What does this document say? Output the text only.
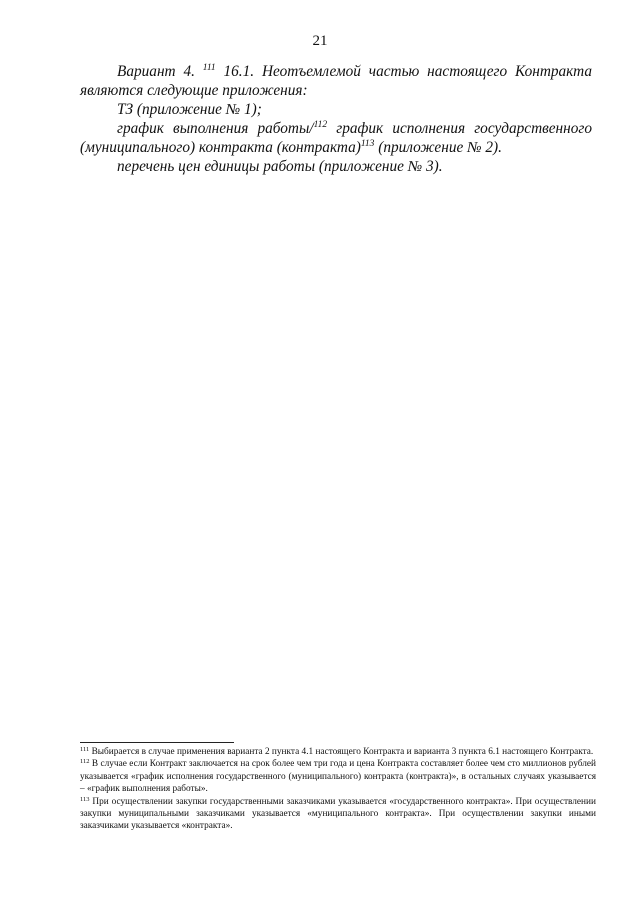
21

Вариант 4. $^{111}$ 16.1. Неотъемлемой частью настоящего Контракта являются следующие приложения:

ТЗ (приложение № 1);

график выполнения работы/$^{112}$ график исполнения государственного (муниципального) контракта (контракта)$^{113}$ (приложение № 2).

перечень цен единицы работы (приложение № 3).

$^{111}$ Выбирается в случае применения варианта 2 пункта 4.1 настоящего Контракта и варианта 3 пункта 6.1 настоящего Контракта.

$^{112}$ В случае если Контракт заключается на срок более чем три года и цена Контракта составляет более чем сто миллионов рублей указывается «график исполнения государственного (муниципального) контракта (контракта)», в остальных случаях указывается – «график выполнения работы».

$^{113}$ При осуществлении закупки государственными заказчиками указывается «государственного контракта». При осуществлении закупки муниципальными заказчиками указывается «муниципального контракта». При осуществлении закупки иными заказчиками указывается «контракта».
